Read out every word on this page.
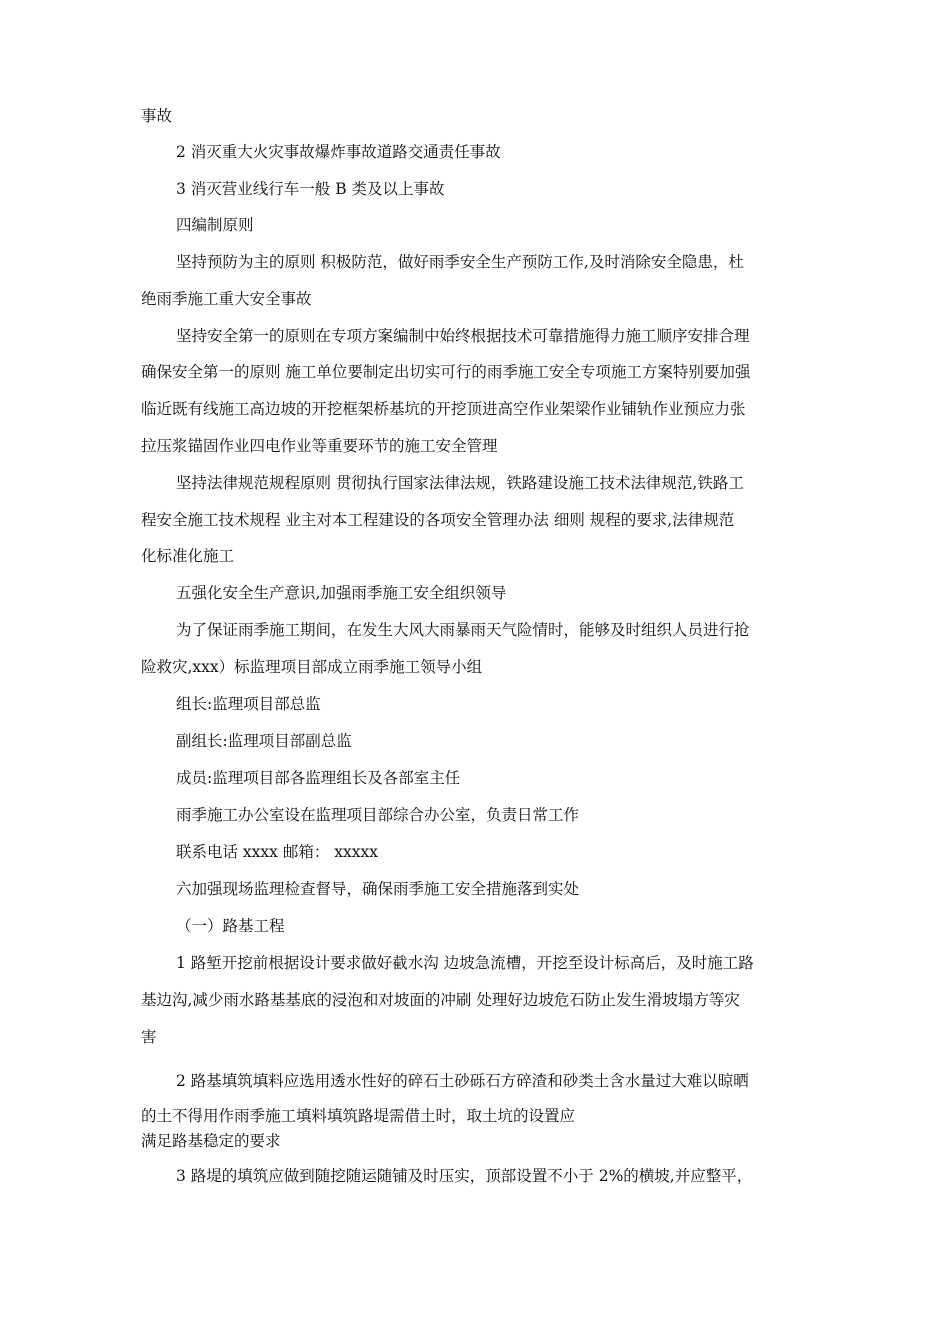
事故
2 消灭重大火灾事故爆炸事故道路交通责任事故
3 消灭营业线行车一般 B 类及以上事故
四编制原则
坚持预防为主的原则 积极防范，做好雨季安全生产预防工作,及时消除安全隐患，杜
绝雨季施工重大安全事故
坚持安全第一的原则在专项方案编制中始终根据技术可靠措施得力施工顺序安排合理
确保安全第一的原则 施工单位要制定出切实可行的雨季施工安全专项施工方案特别要加强
临近既有线施工高边坡的开挖框架桥基坑的开挖顶进高空作业架梁作业铺轨作业预应力张
拉压浆锚固作业四电作业等重要环节的施工安全管理
坚持法律规范规程原则 贯彻执行国家法律法规，铁路建设施工技术法律规范,铁路工
程安全施工技术规程 业主对本工程建设的各项安全管理办法 细则 规程的要求,法律规范
化标准化施工
五强化安全生产意识,加强雨季施工安全组织领导
为了保证雨季施工期间，在发生大风大雨暴雨天气险情时，能够及时组织人员进行抢
险救灾,xxx）标监理项目部成立雨季施工领导小组
组长:监理项目部总监
副组长:监理项目部副总监
成员:监理项目部各监理组长及各部室主任
雨季施工办公室设在监理项目部综合办公室，负责日常工作
联系电话 xxxx 邮箱： xxxxx
六加强现场监理检查督导，确保雨季施工安全措施落到实处
（一）路基工程
1 路堑开挖前根据设计要求做好截水沟 边坡急流槽，开挖至设计标高后，及时施工路
基边沟,减少雨水路基基底的浸泡和对坡面的冲刷 处理好边坡危石防止发生滑坡塌方等灾
害
2 路基填筑填料应选用透水性好的碎石土砂砾石方碎渣和砂类土含水量过大难以晾晒
的土不得用作雨季施工填料填筑路堤需借土时，取土坑的设置应
满足路基稳定的要求
3 路堤的填筑应做到随挖随运随铺及时压实，顶部设置不小于 2%的横坡,并应整平，
